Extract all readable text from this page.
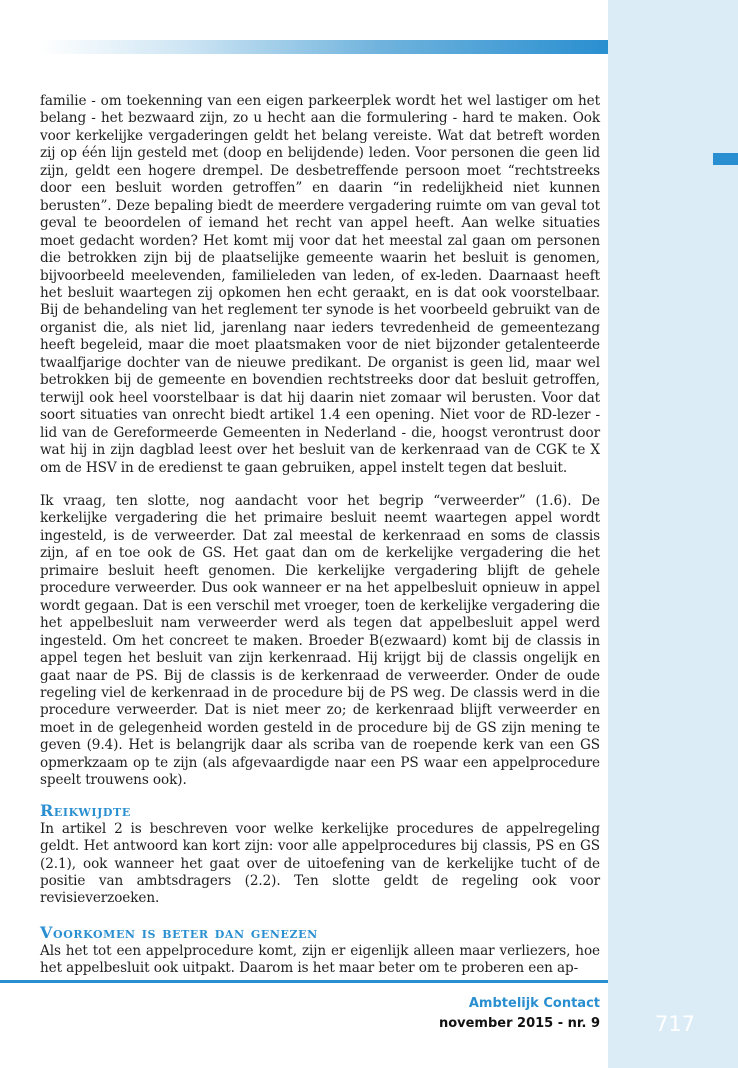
familie - om toekenning van een eigen parkeerplek wordt het wel lastiger om het belang - het bezwaard zijn, zo u hecht aan die formulering - hard te maken. Ook voor kerkelijke vergaderingen geldt het belang vereiste. Wat dat betreft worden zij op één lijn gesteld met (doop en belijdende) leden. Voor personen die geen lid zijn, geldt een hogere drempel. De desbetreffende persoon moet “rechtstreeks door een besluit worden getroffen” en daarin “in redelijkheid niet kunnen berusten”. Deze bepaling biedt de meerdere vergadering ruimte om van geval tot geval te beoordelen of iemand het recht van appel heeft. Aan welke situaties moet gedacht worden? Het komt mij voor dat het meestal zal gaan om personen die betrokken zijn bij de plaatselijke gemeente waarin het besluit is genomen, bijvoorbeeld meelevenden, familieleden van leden, of ex-leden. Daarnaast heeft het besluit waartegen zij opkomen hen echt geraakt, en is dat ook voorstelbaar. Bij de behandeling van het reglement ter synode is het voorbeeld gebruikt van de organist die, als niet lid, jarenlang naar ieders tevredenheid de gemeentezang heeft begeleid, maar die moet plaatsmaken voor de niet bijzonder getalenteerde twaalfjarige dochter van de nieuwe predikant. De organist is geen lid, maar wel betrokken bij de gemeente en bovendien rechtstreeks door dat besluit getroffen, terwijl ook heel voorstelbaar is dat hij daarin niet zomaar wil berusten. Voor dat soort situaties van onrecht biedt artikel 1.4 een opening. Niet voor de RD-lezer - lid van de Gereformeerde Gemeenten in Nederland - die, hoogst verontrust door wat hij in zijn dagblad leest over het besluit van de kerkenraad van de CGK te X om de HSV in de eredienst te gaan gebruiken, appel instelt tegen dat besluit.

Ik vraag, ten slotte, nog aandacht voor het begrip “verweerder” (1.6). De kerkelijke vergadering die het primaire besluit neemt waartegen appel wordt ingesteld, is de verweerder. Dat zal meestal de kerkenraad en soms de classis zijn, af en toe ook de GS. Het gaat dan om de kerkelijke vergadering die het primaire besluit heeft genomen. Die kerkelijke vergadering blijft de gehele procedure verweerder. Dus ook wanneer er na het appelbesluit opnieuw in appel wordt gegaan. Dat is een verschil met vroeger, toen de kerkelijke vergadering die het appelbesluit nam verweerder werd als tegen dat appelbesluit appel werd ingesteld. Om het concreet te maken. Broeder B(ezwaard) komt bij de classis in appel tegen het besluit van zijn kerkenraad. Hij krijgt bij de classis ongelijk en gaat naar de PS. Bij de classis is de kerkenraad de verweerder. Onder de oude regeling viel de kerkenraad in de procedure bij de PS weg. De classis werd in die procedure verweerder. Dat is niet meer zo; de kerkenraad blijft verweerder en moet in de gelegenheid worden gesteld in de procedure bij de GS zijn mening te geven (9.4). Het is belangrijk daar als scriba van de roepende kerk van een GS opmerkzaam op te zijn (als afgevaardigde naar een PS waar een appelprocedure speelt trouwens ook).

Reikwijdte

In artikel 2 is beschreven voor welke kerkelijke procedures de appelregeling geldt. Het antwoord kan kort zijn: voor alle appelprocedures bij classis, PS en GS (2.1), ook wanneer het gaat over de uitoefening van de kerkelijke tucht of de positie van ambtsdragers (2.2). Ten slotte geldt de regeling ook voor revisieverzoeken.

Voorkomen is beter dan genezen

Als het tot een appelprocedure komt, zijn er eigenlijk alleen maar verliezers, hoe het appelbesluit ook uitpakt. Daarom is het maar beter om te proberen een ap-

Ambtelijk Contact
november 2015 - nr. 9	717
